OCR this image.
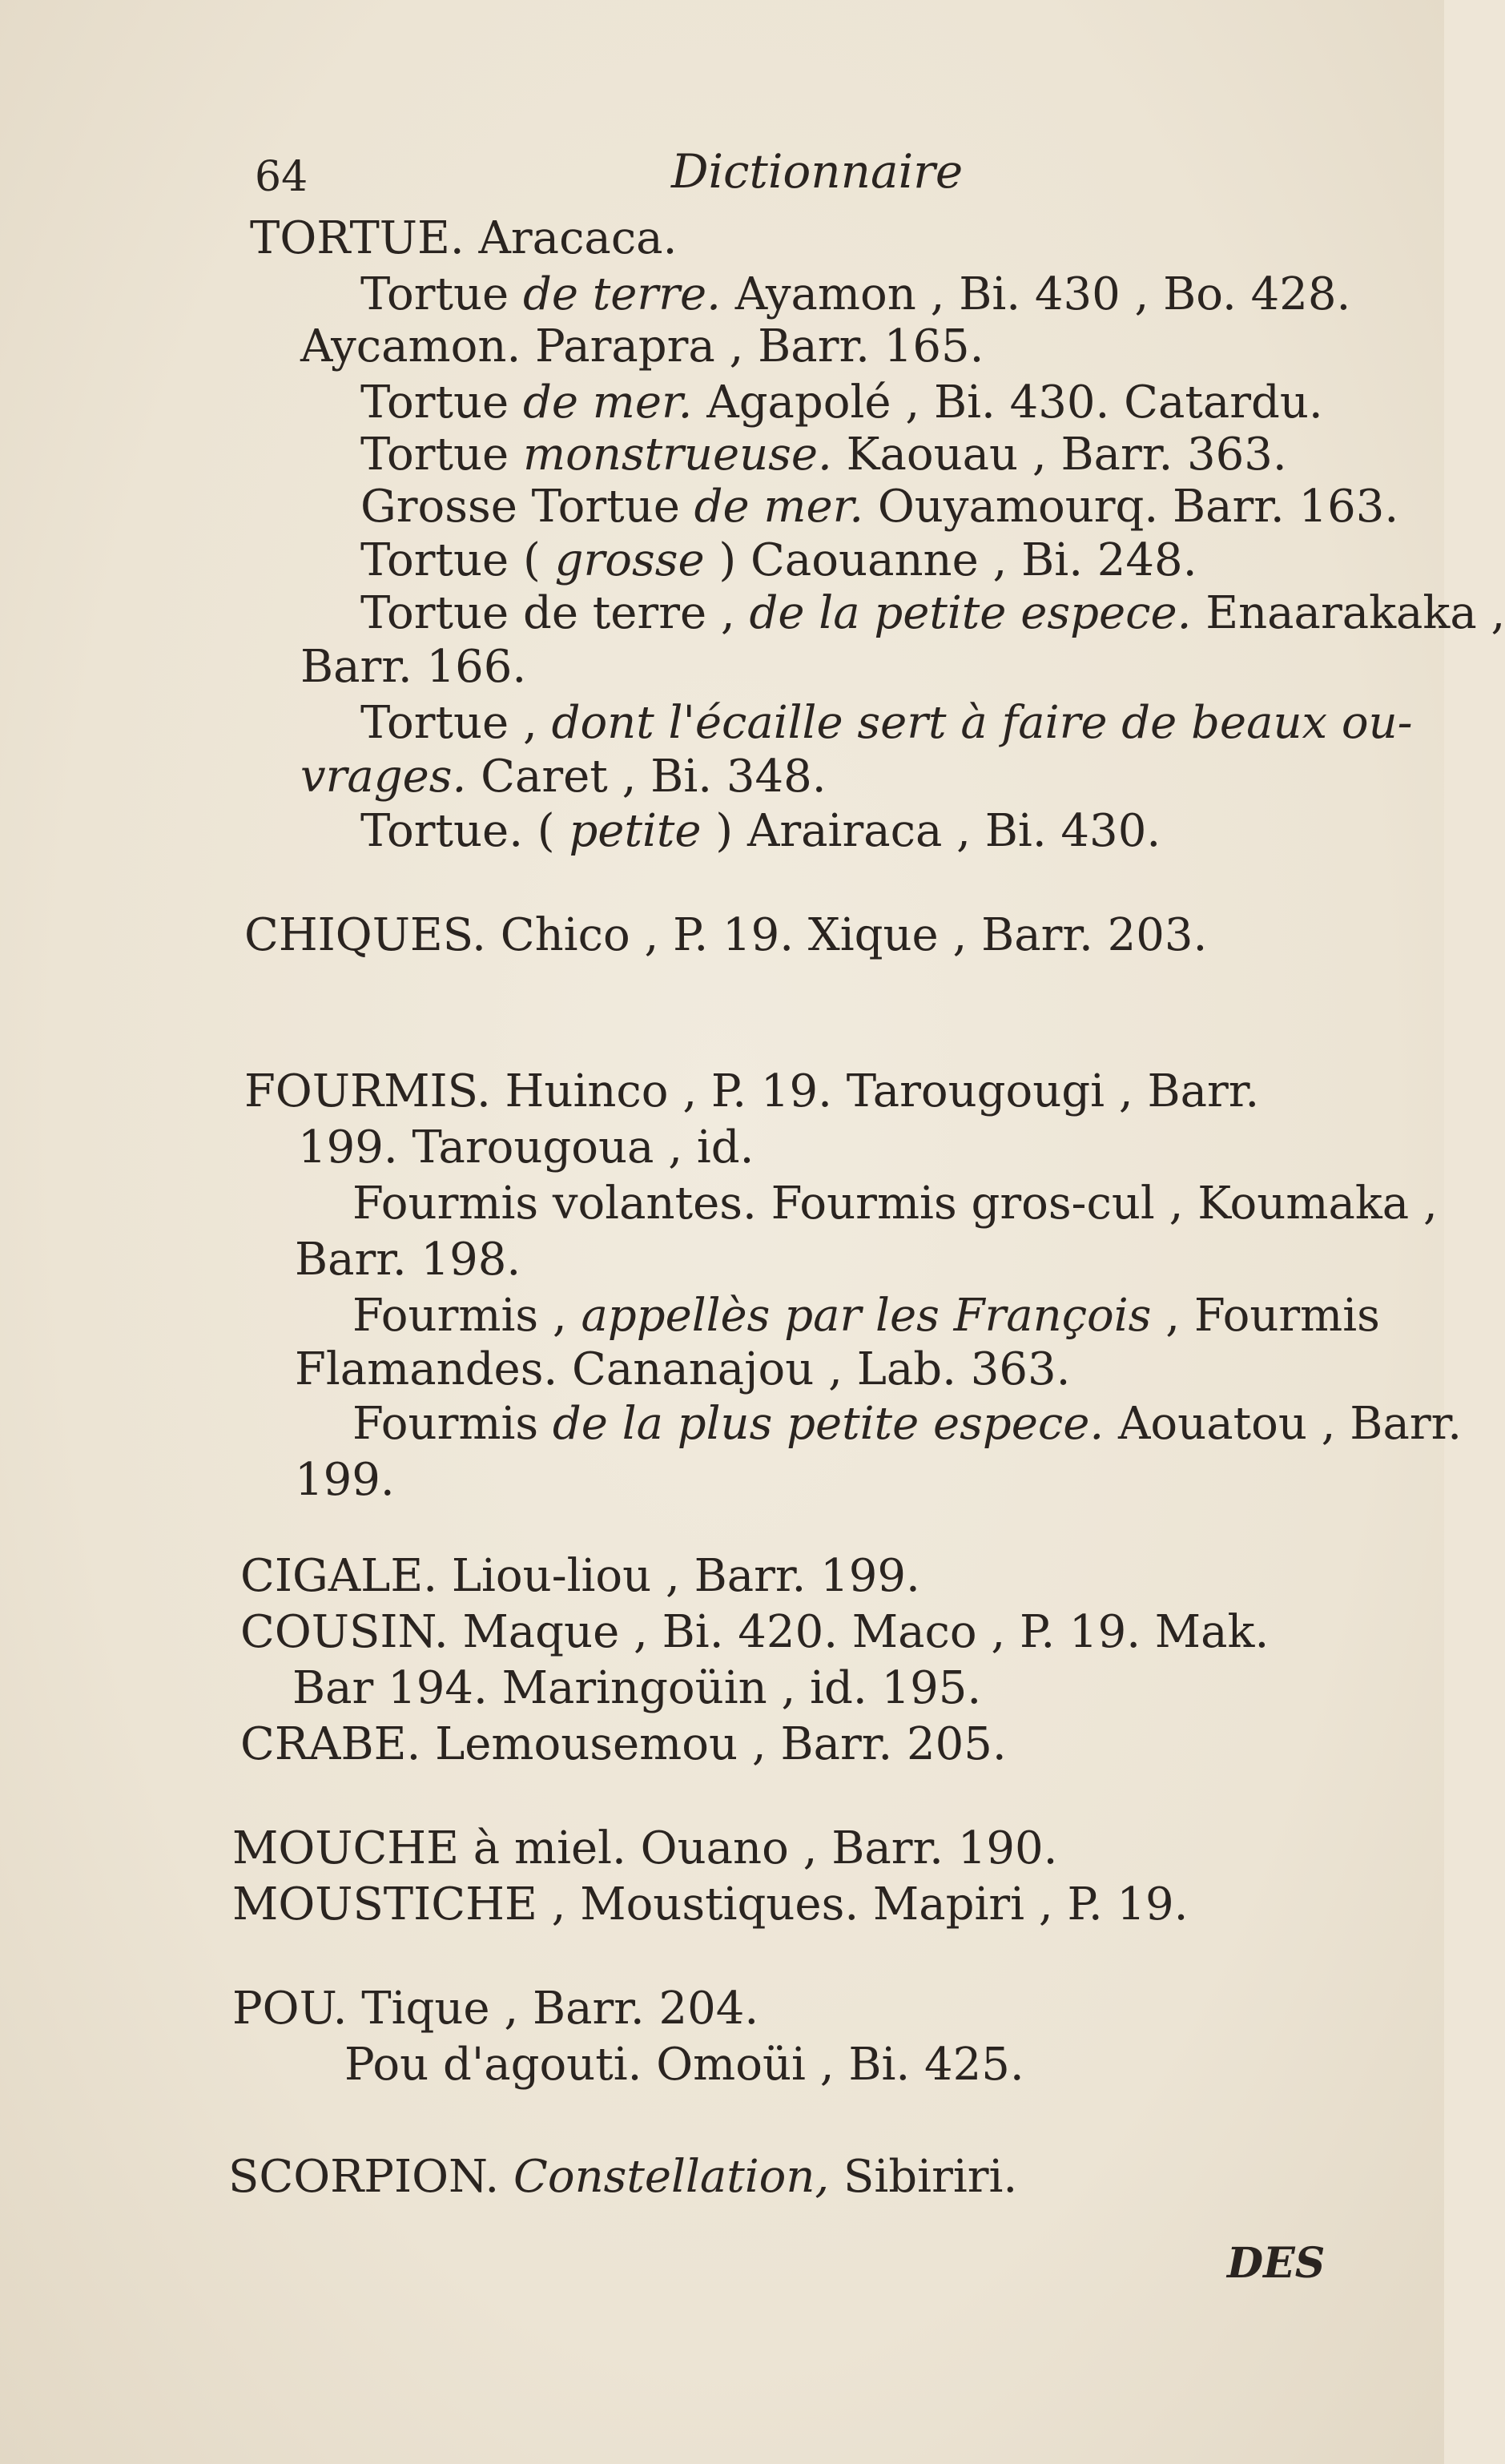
64	Dictionnaire
TORTUE. Aracaca.
Tortue de terre. Ayamon , Bi. 430 , Bo. 428.
Aycamon. Parapra , Barr. 165.
Tortue de mer. Agapolé , Bi. 430. Catardu.
Tortue monstrueuse. Kaouau , Barr. 363.
Grosse Tortue de mer. Ouyamourq. Barr. 163.
Tortue ( grosse ) Caouanne , Bi. 248.
Tortue de terre , de la petite espece. Enaarakaka ,
Barr. 166.
Tortue , dont l'écaille sert à faire de beaux ou-
vrages. Caret , Bi. 348.
Tortue. ( petite ) Arairaca , Bi. 430.
CHIQUES. Chico , P. 19. Xique , Barr. 203.
FOURMIS. Huinco , P. 19. Tarougougi , Barr.
199. Tarougoua , id.
Fourmis volantes. Fourmis gros-cul , Koumaka ,
Barr. 198.
Fourmis , appellès par les François , Fourmis
Flamandes. Cananajou , Lab. 363.
Fourmis de la plus petite espece. Aouatou , Barr.
199.
CIGALE. Liou-liou , Barr. 199.
COUSIN. Maque , Bi. 420. Maco , P. 19. Mak.
Bar 194. Maringoüin , id. 195.
CRABE. Lemousemou , Barr. 205.
MOUCHE à miel. Ouano , Barr. 190.
MOUSTICHE , Moustiques. Mapiri , P. 19.
POU. Tique , Barr. 204.
Pou d'agouti. Omoüi , Bi. 425.
SCORPION. Constellation, Sibiriri.
DES
